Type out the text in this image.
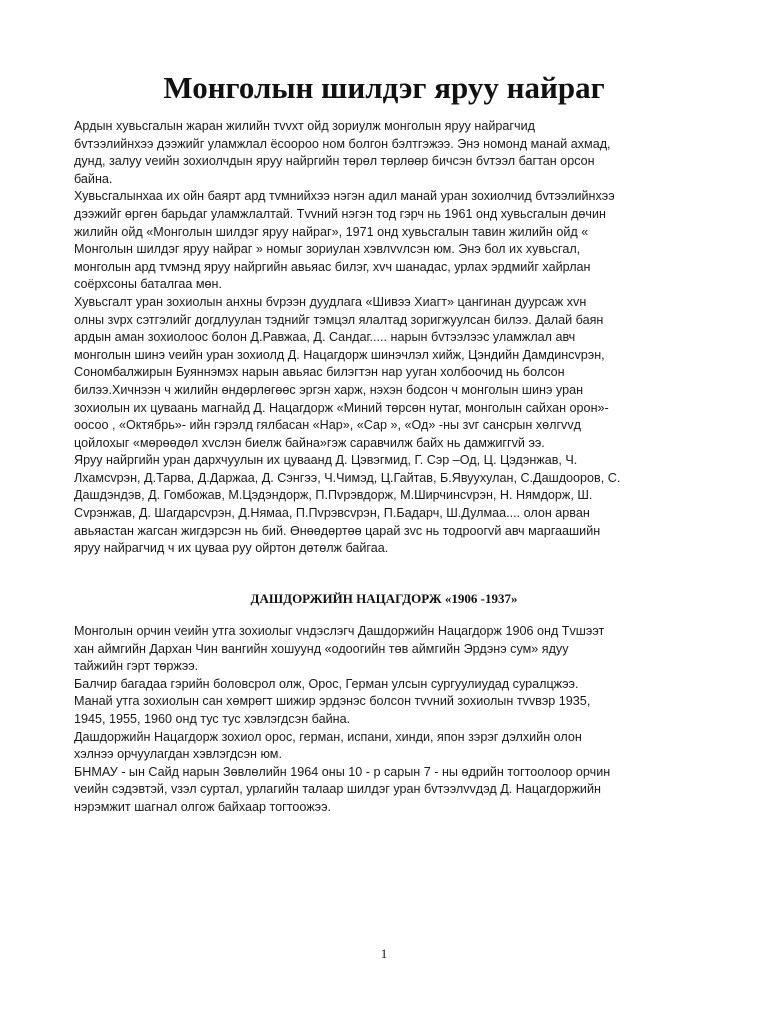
Монголын шилдэг яруу найраг

Ардын хувьсгалын жаран жилийн тvvхт ойд зориулж монголын яруу найрагчид

бvтээлийнхээ дээжийг уламжлал ёсоороо ном болгон бэлтгэжээ. Энэ номонд манай ахмад,

дунд, залуу vеийн зохиолчдын яруу найргийн төрөл төрлөөр бичсэн бvтээл багтан орсон

байна.

Хувьсгалынхаа их ойн баярт ард тvмнийхээ нэгэн адил манай уран зохиолчид бvтээлийнхээ

дээжийг өргөн барьдаг уламжлалтай. Тvvний нэгэн тод гэрч нь 1961 онд хувьсгалын дөчин

жилийн ойд «Монголын шилдэг яруу найраг», 1971 онд хувьсгалын тавин жилийн ойд «

Монголын шилдэг яруу найраг » номыг зориулан хэвлvvлсэн юм. Энэ бол их хувьсгал,

монголын ард тvмэнд яруу найргийн авьяас билэг, хvч шанадас, урлах эрдмийг хайрлан

соёрхсоны баталгаа мөн.

Хувьсгалт уран зохиолын анхны бvрээн дуудлага «Шивээ Хиагт» цангинан дуурсаж хvн

олны зvрх сэтгэлийг догдлуулан тэднийг тэмцэл ялалтад зоригжуулсан билээ. Далай баян

ардын аман зохиолоос болон Д.Равжаа, Д. Сандаг..... нарын бvтээлээс уламжлал авч

монголын шинэ vеийн уран зохиолд Д. Нацагдорж шинэчлэл хийж, Цэндийн Дамдинсvрэн,

Сономбалжирын Буяннэмэх нарын авьяас билэгтэн нар ууган холбоочид нь болсон

билээ.Хичнээн ч жилийн өндөрлөгөөс эргэн харж, нэхэн бодсон ч монголын шинэ уран

зохиолын их цуваань магнайд Д. Нацагдорж «Миний төрсөн нутаг, монголын сайхан орон»-

оосоо , «Октябрь»- ийн гэрэлд гялбасан «Нар», «Сар », «Од» -ны зvг сансрын хөлгvvд

цойлохыг «мөрөөдөл хvслэн биелж байна»гэж саравчилж байх нь дамжиггvй ээ.

Яруу найргийн уран дархчуулын их цуваанд Д. Цэвэгмид, Г. Сэр –Од, Ц. Цэдэнжав, Ч.

Лхамсvрэн, Д.Тарва, Д.Даржаа, Д. Сэнгээ, Ч.Чимэд, Ц.Гайтав, Б.Явуухулан, С.Дашдооров, С.

Дашдэндэв, Д. Гомбожав, М.Цэдэндорж, П.Пvрэвдорж, М.Ширчинсvрэн, Н. Нямдорж, Ш.

Сvрэнжав, Д. Шагдарсvрэн, Д.Нямаа, П.Пvрэвсvрэн, П.Бадарч, Ш.Дулмаа.... олон арван

авьяастан жагсан жигдэрсэн нь бий. Өнөөдөртөө царай зvс нь тодроогvй авч маргаашийн

яруу найрагчид ч их цуваа руу ойртон дөтөлж байгаа.

ДАШДОРЖИЙН НАЦАГДОРЖ «1906 -1937»

Монголын орчин vеийн утга зохиолыг vндэслэгч Дашдоржийн Нацагдорж 1906 онд Тvшээт

хан аймгийн Дархан Чин вангийн хошуунд «одоогийн төв аймгийн Эрдэнэ сум» ядуу

тайжийн гэрт төржээ.

Балчир багадаа гэрийн боловсрол олж, Орос, Герман улсын сургуулиудад суралцжээ.

Манай утга зохиолын сан хөмрөгт шижир эрдэнэс болсон тvvний зохиолын тvvвэр 1935,

1945, 1955, 1960 онд тус тус хэвлэгдсэн байна.

Дашдоржийн Нацагдорж зохиол орос, герман, испани, хинди, япон зэрэг дэлхийн олон

хэлнээ орчуулагдан хэвлэгдсэн юм.

БНМАУ - ын Сайд нарын Зөвлөлийн 1964 оны 10 - р сарын 7 - ны өдрийн тогтоолоор орчин

vеийн сэдэвтэй, vзэл суртал, урлагийн талаар шилдэг уран бvтээлvvдэд Д. Нацагдоржийн

нэрэмжит шагнал олгож байхаар тогтоожээ.

1
